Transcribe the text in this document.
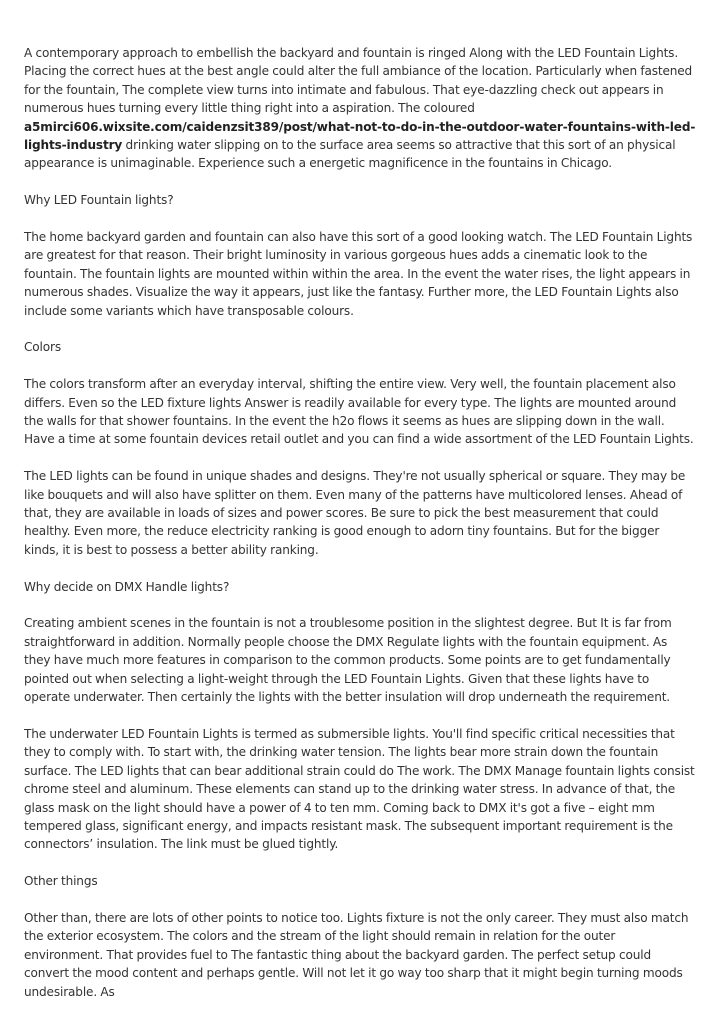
A contemporary approach to embellish the backyard and fountain is ringed Along with the LED Fountain Lights. Placing the correct hues at the best angle could alter the full ambiance of the location. Particularly when fastened for the fountain, The complete view turns into intimate and fabulous. That eye-dazzling check out appears in numerous hues turning every little thing right into a aspiration. The coloured a5mirci606.wixsite.com/caidenzsit389/post/what-not-to-do-in-the-outdoor-water-fountains-with-led-lights-industry drinking water slipping on to the surface area seems so attractive that this sort of an physical appearance is unimaginable. Experience such a energetic magnificence in the fountains in Chicago.

Why LED Fountain lights?

The home backyard garden and fountain can also have this sort of a good looking watch. The LED Fountain Lights are greatest for that reason. Their bright luminosity in various gorgeous hues adds a cinematic look to the fountain. The fountain lights are mounted within within the area. In the event the water rises, the light appears in numerous shades. Visualize the way it appears, just like the fantasy. Further more, the LED Fountain Lights also include some variants which have transposable colours.

Colors

The colors transform after an everyday interval, shifting the entire view. Very well, the fountain placement also differs. Even so the LED fixture lights Answer is readily available for every type. The lights are mounted around the walls for that shower fountains. In the event the h2o flows it seems as hues are slipping down in the wall. Have a time at some fountain devices retail outlet and you can find a wide assortment of the LED Fountain Lights.

The LED lights can be found in unique shades and designs. They're not usually spherical or square. They may be like bouquets and will also have splitter on them. Even many of the patterns have multicolored lenses. Ahead of that, they are available in loads of sizes and power scores. Be sure to pick the best measurement that could healthy. Even more, the reduce electricity ranking is good enough to adorn tiny fountains. But for the bigger kinds, it is best to possess a better ability ranking.

Why decide on DMX Handle lights?

Creating ambient scenes in the fountain is not a troublesome position in the slightest degree. But It is far from straightforward in addition. Normally people choose the DMX Regulate lights with the fountain equipment. As they have much more features in comparison to the common products. Some points are to get fundamentally pointed out when selecting a light-weight through the LED Fountain Lights. Given that these lights have to operate underwater. Then certainly the lights with the better insulation will drop underneath the requirement.

The underwater LED Fountain Lights is termed as submersible lights. You'll find specific critical necessities that they to comply with. To start with, the drinking water tension. The lights bear more strain down the fountain surface. The LED lights that can bear additional strain could do The work. The DMX Manage fountain lights consist chrome steel and aluminum. These elements can stand up to the drinking water stress. In advance of that, the glass mask on the light should have a power of 4 to ten mm. Coming back to DMX it's got a five – eight mm tempered glass, significant energy, and impacts resistant mask. The subsequent important requirement is the connectors’ insulation. The link must be glued tightly.

Other things

Other than, there are lots of other points to notice too. Lights fixture is not the only career. They must also match the exterior ecosystem. The colors and the stream of the light should remain in relation for the outer environment. That provides fuel to The fantastic thing about the backyard garden. The perfect setup could convert the mood content and perhaps gentle. Will not let it go way too sharp that it might begin turning moods undesirable. As
